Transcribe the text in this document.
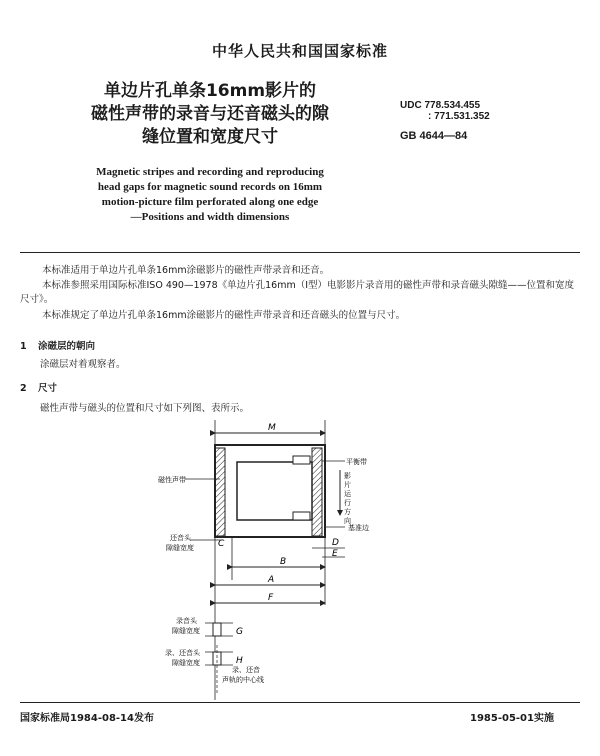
中华人民共和国国家标准
单边片孔单条16mm影片的
磁性声带的录音与还音磁头的隙
缝位置和宽度尺寸
UDC 778.534.455
: 771.531.352
GB 4644—84
Magnetic stripes and recording and reproducing
head gaps for magnetic sound records on 16mm
motion-picture film perforated along one edge
—Positions and width dimensions
本标准适用于单边片孔单条16mm涂磁影片的磁性声带录音和还音。
本标准参照采用国际标准ISO 490—1978《单边片孔16mm（Ⅰ型）电影影片录音用的磁性声带和录音磁头隙缝——位置和宽度尺寸》。
本标准规定了单边片孔单条16mm涂磁影片的磁性声带录音和还音磁头的位置与尺寸。
1 涂磁层的朝向
涂磁层对着观察者。
2 尺寸
磁性声带与磁头的位置和尺寸如下列图、表所示。
M
B
A
F
C	D
E
磁性声带
还音头
隙缝宽度
平衡带
影
片
运
行
方
向
基准边
G
录音头
隙缝宽度
H
录、还音头
隙缝宽度
录、还音
声轨的中心线
国家标准局1984-08-14发布	1985-05-01实施
